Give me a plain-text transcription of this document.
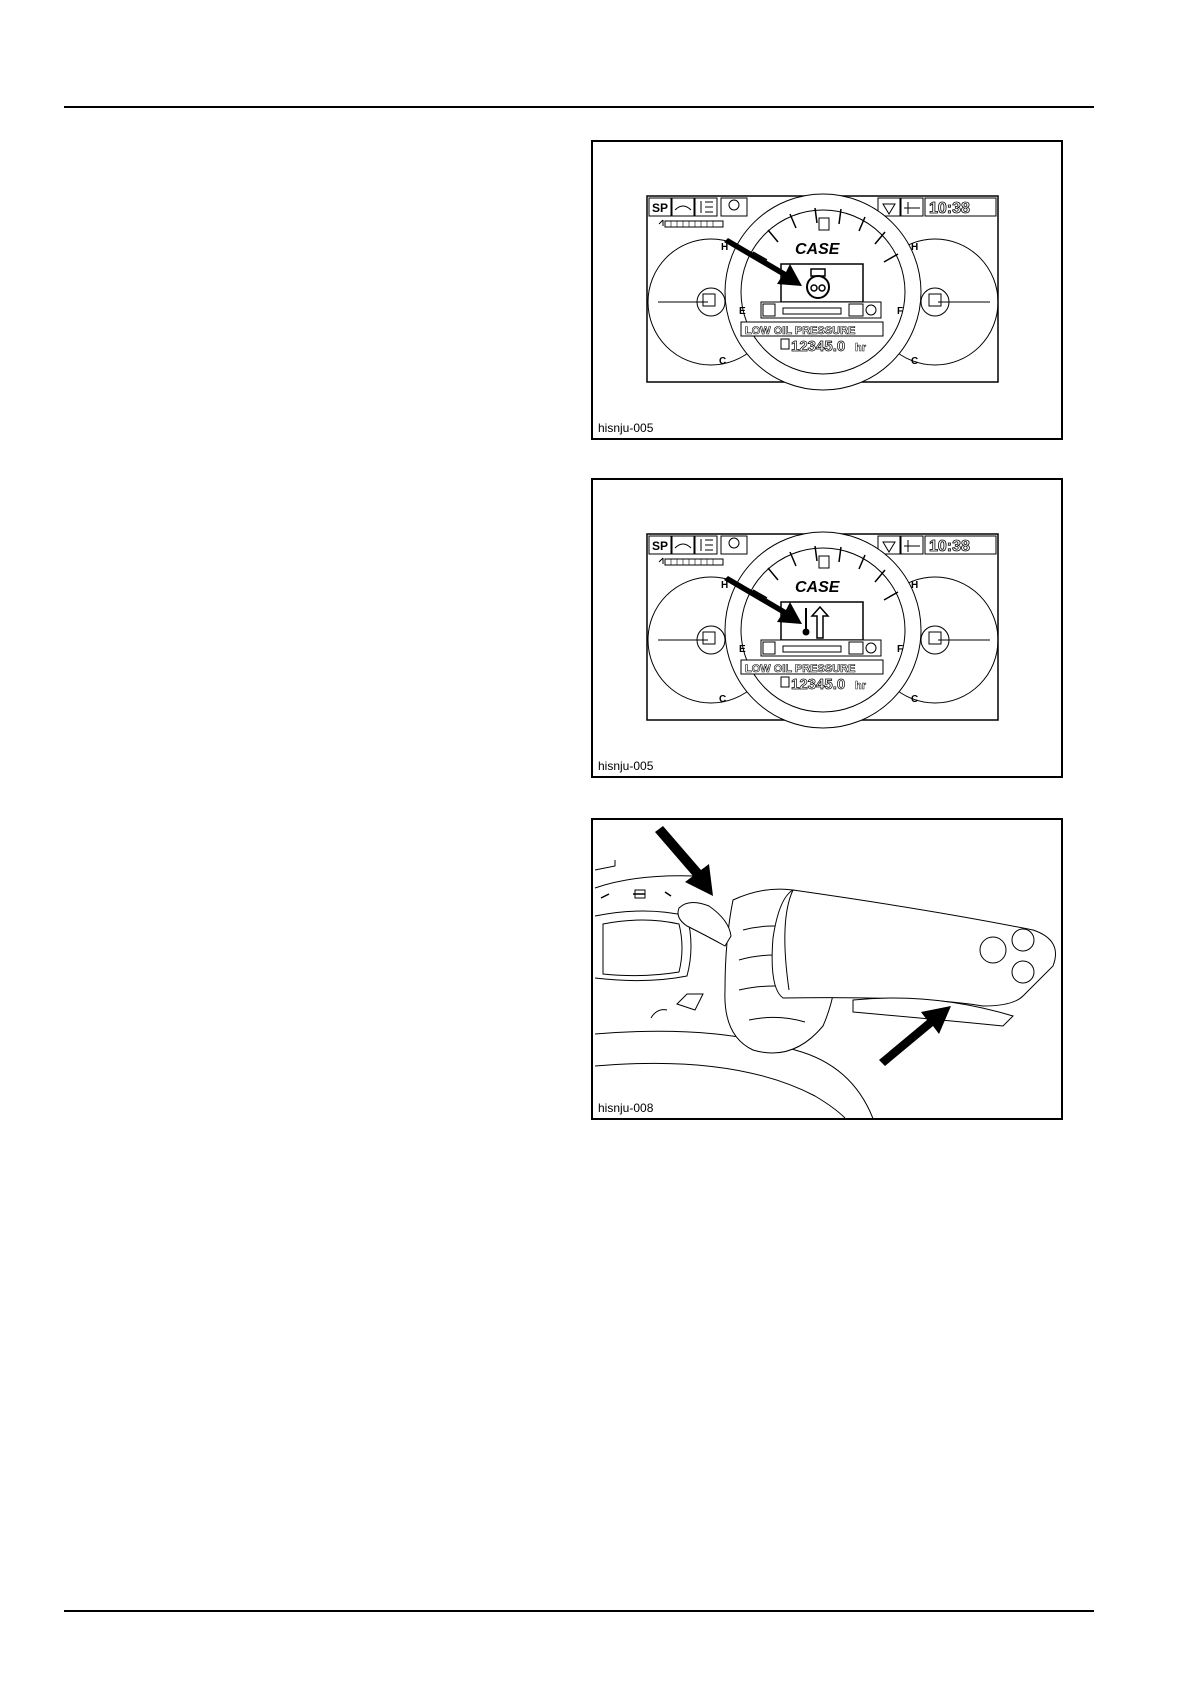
SP	10:38
H
C
H
C
E	F
CASE
LOW OIL PRESSURE
12345.0 hr
hisnju-005
SP	10:38
H
C
H
C
E	F
CASE
LOW OIL PRESSURE
12345.0 hr
hisnju-005
hisnju-008
